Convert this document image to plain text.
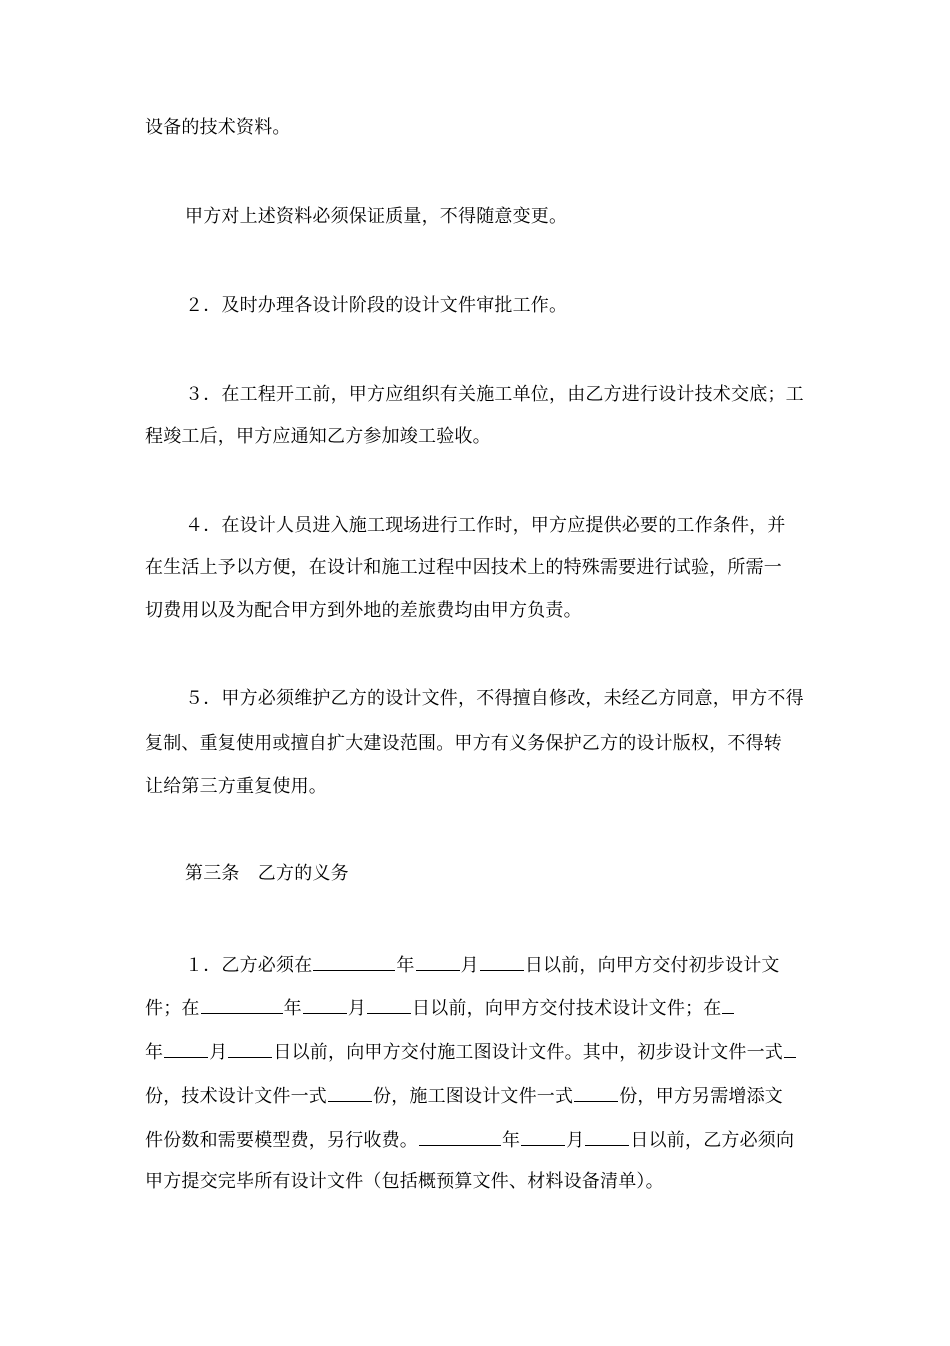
设备的技术资料。
甲方对上述资料必须保证质量，不得随意变更。
２．及时办理各设计阶段的设计文件审批工作。
３．在工程开工前，甲方应组织有关施工单位，由乙方进行设计技术交底；工
程竣工后，甲方应通知乙方参加竣工验收。
４．在设计人员进入施工现场进行工作时，甲方应提供必要的工作条件，并
在生活上予以方便，在设计和施工过程中因技术上的特殊需要进行试验，所需一
切费用以及为配合甲方到外地的差旅费均由甲方负责。
５．甲方必须维护乙方的设计文件，不得擅自修改，未经乙方同意，甲方不得
复制、重复使用或擅自扩大建设范围。甲方有义务保护乙方的设计版权，不得转
让给第三方重复使用。
第三条　乙方的义务
１．乙方必须在	年	月	日以前，向甲方交付初步设计文
件；在	年	月	日以前，向甲方交付技术设计文件；在
年	月	日以前，向甲方交付施工图设计文件。其中，初步设计文件一式
份，技术设计文件一式	份，施工图设计文件一式	份，甲方另需增添文
件份数和需要模型费，另行收费。	年	月	日以前，乙方必须向
甲方提交完毕所有设计文件（包括概预算文件、材料设备清单）。
